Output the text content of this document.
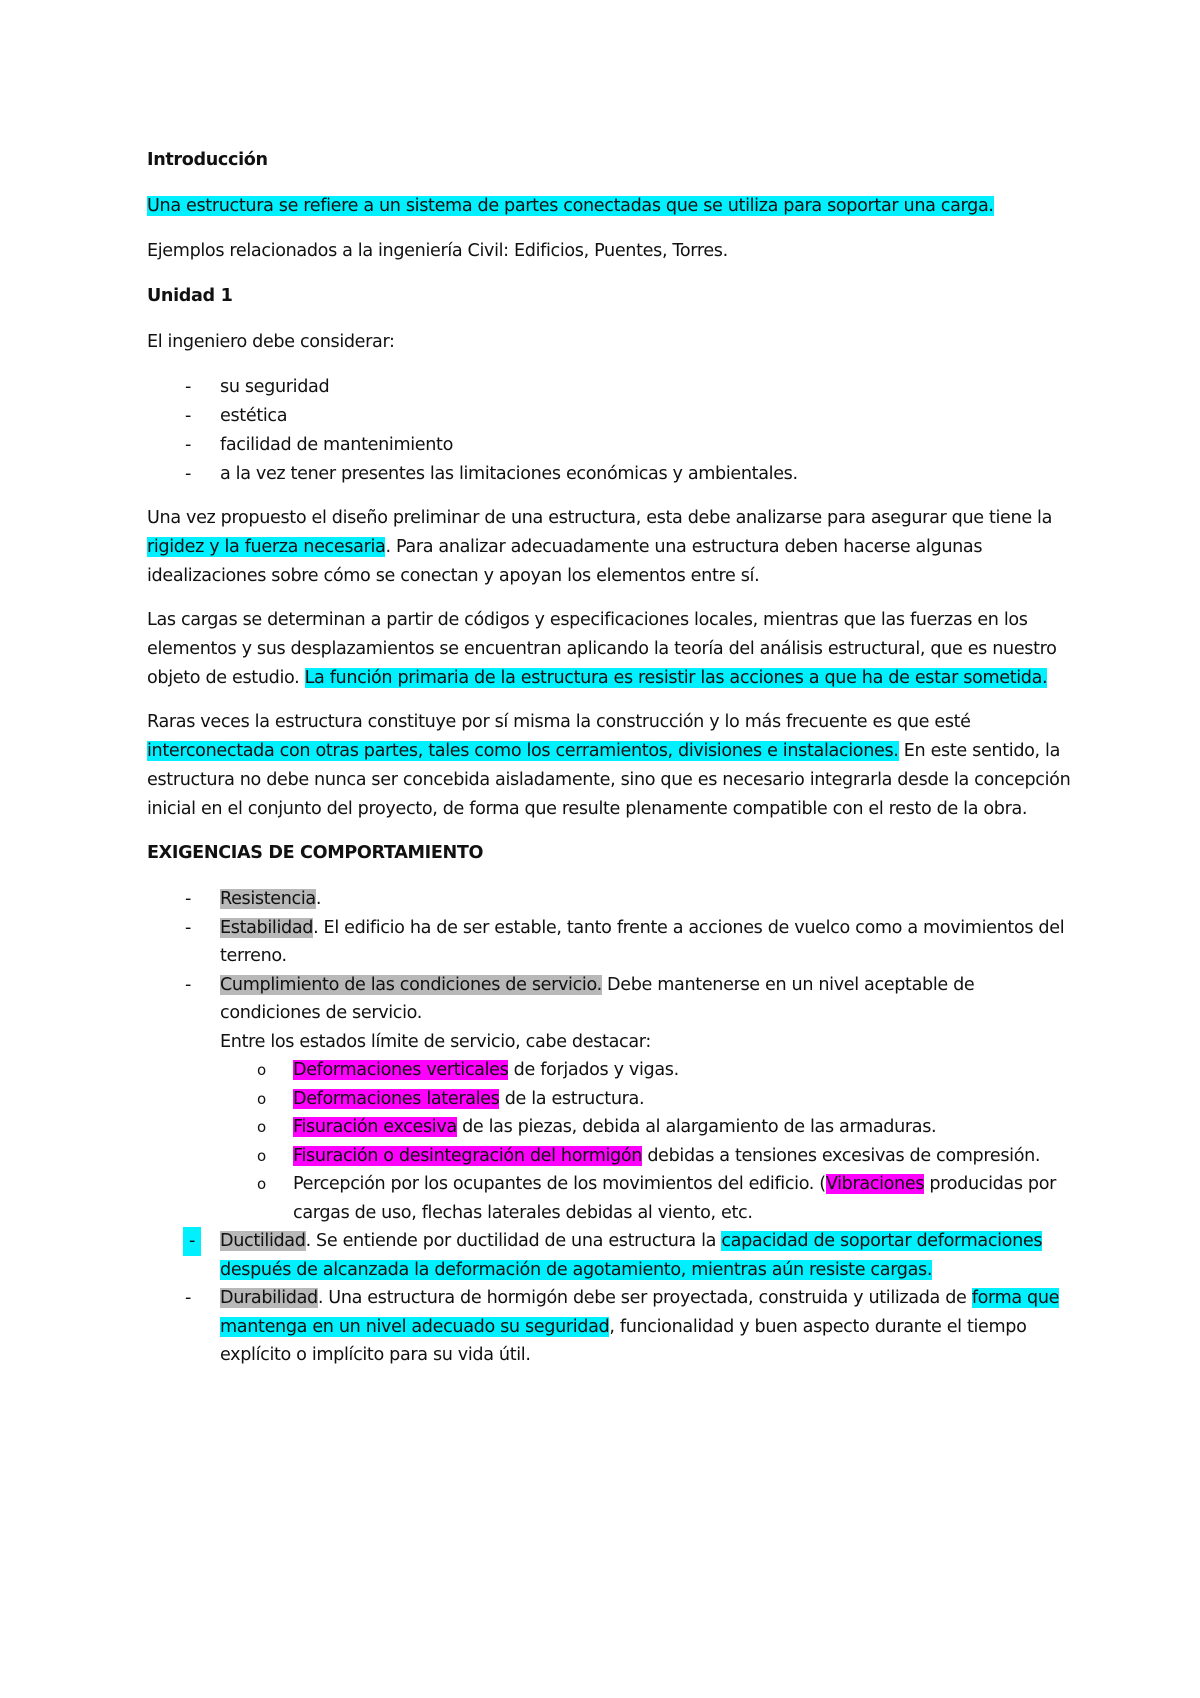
Introducción
Una estructura se refiere a un sistema de partes conectadas que se utiliza para soportar una carga.
Ejemplos relacionados a la ingeniería Civil: Edificios, Puentes, Torres.
Unidad 1
El ingeniero debe considerar:
- su seguridad
- estética
- facilidad de mantenimiento
- a la vez tener presentes las limitaciones económicas y ambientales.

Una vez propuesto el diseño preliminar de una estructura, esta debe analizarse para asegurar que tiene la rigidez y la fuerza necesaria. Para analizar adecuadamente una estructura deben hacerse algunas idealizaciones sobre cómo se conectan y apoyan los elementos entre sí.

Las cargas se determinan a partir de códigos y especificaciones locales, mientras que las fuerzas en los elementos y sus desplazamientos se encuentran aplicando la teoría del análisis estructural, que es nuestro objeto de estudio. La función primaria de la estructura es resistir las acciones a que ha de estar sometida.

Raras veces la estructura constituye por sí misma la construcción y lo más frecuente es que esté interconectada con otras partes, tales como los cerramientos, divisiones e instalaciones. En este sentido, la estructura no debe nunca ser concebida aisladamente, sino que es necesario integrarla desde la concepción inicial en el conjunto del proyecto, de forma que resulte plenamente compatible con el resto de la obra.

EXIGENCIAS DE COMPORTAMIENTO
- Resistencia.
- Estabilidad. El edificio ha de ser estable, tanto frente a acciones de vuelco como a movimientos del terreno.
- Cumplimiento de las condiciones de servicio. Debe mantenerse en un nivel aceptable de condiciones de servicio.
Entre los estados límite de servicio, cabe destacar:
o Deformaciones verticales de forjados y vigas.
o Deformaciones laterales de la estructura.
o Fisuración excesiva de las piezas, debida al alargamiento de las armaduras.
o Fisuración o desintegración del hormigón debidas a tensiones excesivas de compresión.
o Percepción por los ocupantes de los movimientos del edificio. (Vibraciones producidas por cargas de uso, flechas laterales debidas al viento, etc.
-	Ductilidad. Se entiende por ductilidad de una estructura la capacidad de soportar deformaciones después de alcanzada la deformación de agotamiento, mientras aún resiste cargas.
- Durabilidad. Una estructura de hormigón debe ser proyectada, construida y utilizada de forma que mantenga en un nivel adecuado su seguridad, funcionalidad y buen aspecto durante el tiempo explícito o implícito para su vida útil.
